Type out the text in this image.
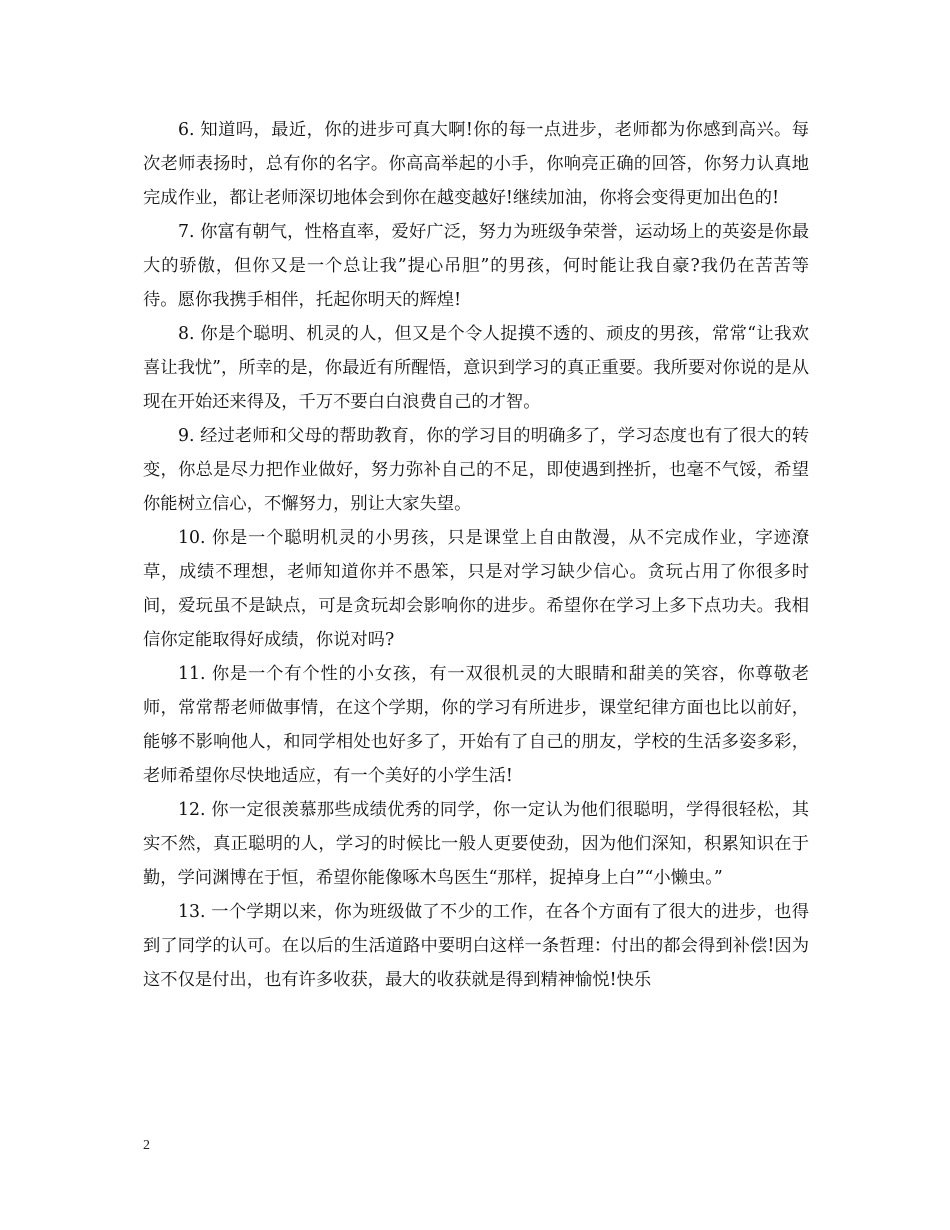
6. 知道吗，最近，你的进步可真大啊!你的每一点进步，老师都为你感到高兴。每次老师表扬时，总有你的名字。你高高举起的小手，你响亮正确的回答，你努力认真地完成作业，都让老师深切地体会到你在越变越好!继续加油，你将会变得更加出色的!

7. 你富有朝气，性格直率，爱好广泛，努力为班级争荣誉，运动场上的英姿是你最大的骄傲，但你又是一个总让我”提心吊胆”的男孩，何时能让我自豪?我仍在苦苦等待。愿你我携手相伴，托起你明天的辉煌!

8. 你是个聪明、机灵的人，但又是个令人捉摸不透的、顽皮的男孩，常常“让我欢喜让我忧”，所幸的是，你最近有所醒悟，意识到学习的真正重要。我所要对你说的是从现在开始还来得及，千万不要白白浪费自己的才智。

9. 经过老师和父母的帮助教育，你的学习目的明确多了，学习态度也有了很大的转变，你总是尽力把作业做好，努力弥补自己的不足，即使遇到挫折，也毫不气馁，希望你能树立信心，不懈努力，别让大家失望。

10. 你是一个聪明机灵的小男孩，只是课堂上自由散漫，从不完成作业，字迹潦草，成绩不理想，老师知道你并不愚笨，只是对学习缺少信心。贪玩占用了你很多时间，爱玩虽不是缺点，可是贪玩却会影响你的进步。希望你在学习上多下点功夫。我相信你定能取得好成绩，你说对吗?

11. 你是一个有个性的小女孩，有一双很机灵的大眼睛和甜美的笑容，你尊敬老师，常常帮老师做事情，在这个学期，你的学习有所进步，课堂纪律方面也比以前好，能够不影响他人，和同学相处也好多了，开始有了自己的朋友，学校的生活多姿多彩，老师希望你尽快地适应，有一个美好的小学生活!

12. 你一定很羡慕那些成绩优秀的同学，你一定认为他们很聪明，学得很轻松，其实不然，真正聪明的人，学习的时候比一般人更要使劲，因为他们深知，积累知识在于勤，学问渊博在于恒，希望你能像啄木鸟医生“那样，捉掉身上白”“小懒虫。”

13. 一个学期以来，你为班级做了不少的工作，在各个方面有了很大的进步，也得到了同学的认可。在以后的生活道路中要明白这样一条哲理：付出的都会得到补偿!因为这不仅是付出，也有许多收获，最大的收获就是得到精神愉悦!快乐

2
